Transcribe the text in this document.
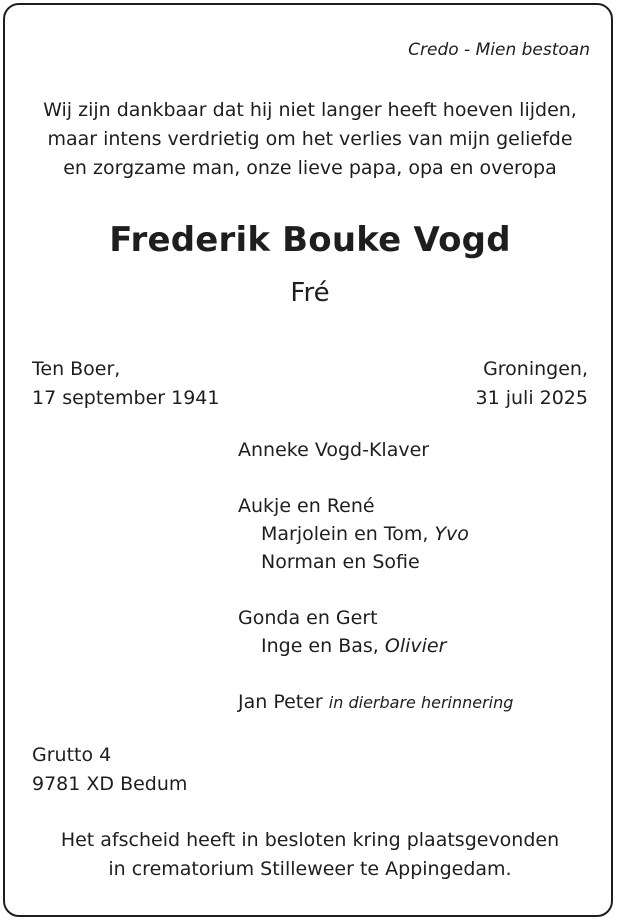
Credo - Mien bestoan
Wij zijn dankbaar dat hij niet langer heeft hoeven lijden,
maar intens verdrietig om het verlies van mijn geliefde
en zorgzame man, onze lieve papa, opa en overopa
Frederik Bouke Vogd
Fré
Ten Boer,
17 september 1941
Groningen,
31 juli 2025
Anneke Vogd-Klaver
Aukje en René
Marjolein en Tom, Yvo
Norman en Sofie
Gonda en Gert
Inge en Bas, Olivier
Jan Peter in dierbare herinnering
Grutto 4
9781 XD Bedum
Het afscheid heeft in besloten kring plaatsgevonden
in crematorium Stilleweer te Appingedam.
